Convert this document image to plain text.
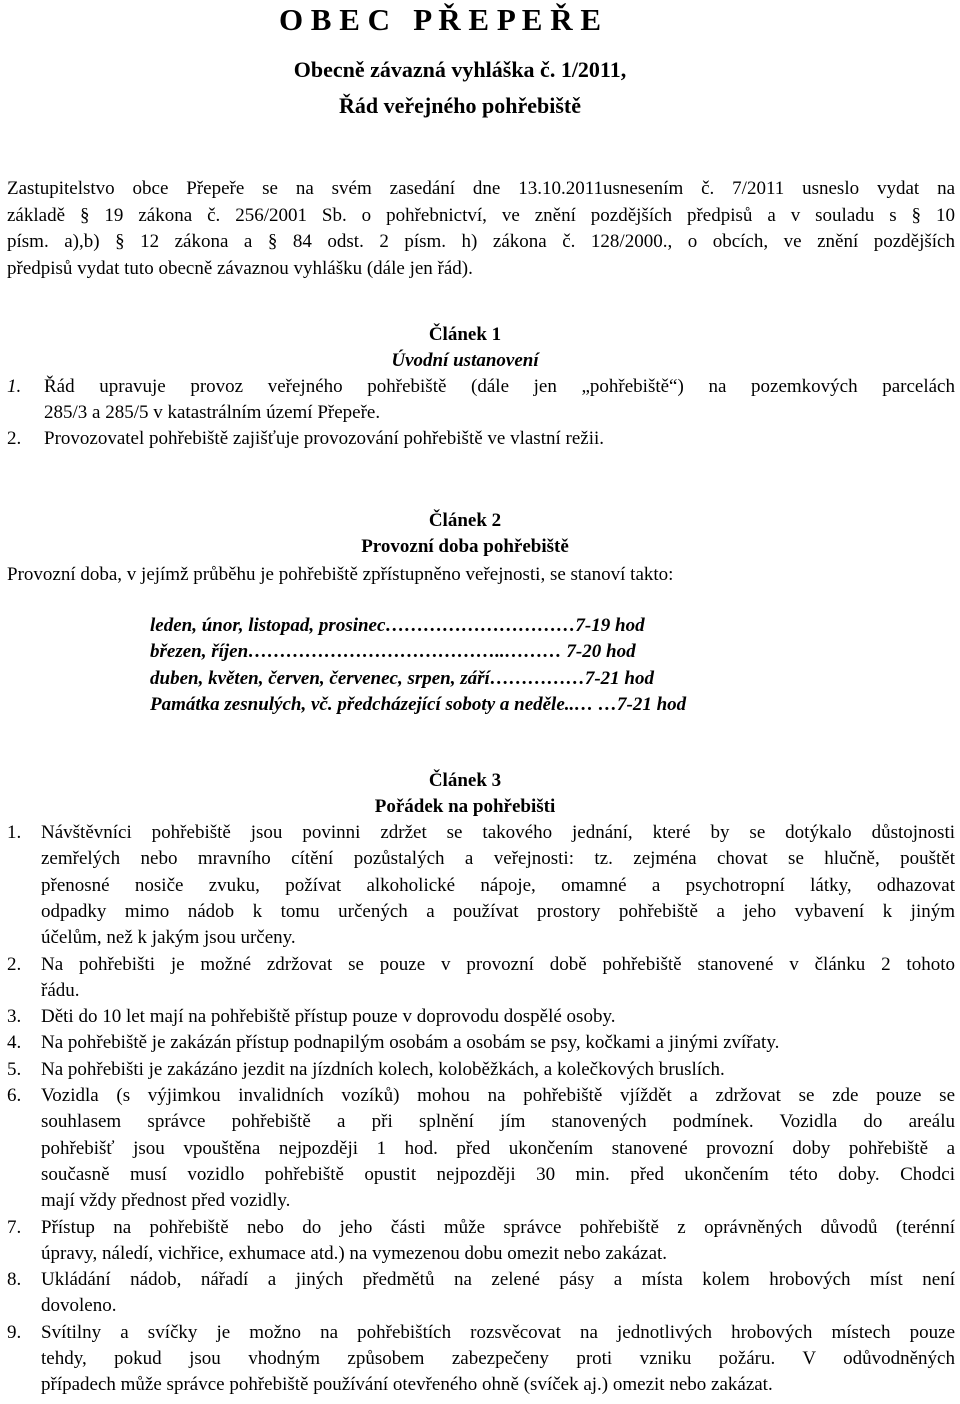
O B E C   P Ř E P E Ř E
Obecně závazná vyhláška č. 1/2011,
Řád veřejného pohřebiště
Zastupitelstvo obce Přepeře se na svém zasedání dne 13.10.2011usnesením č. 7/2011 usneslo vydat na
základě § 19 zákona č. 256/2001 Sb. o pohřebnictví, ve znění pozdějších předpisů a v souladu s § 10
písm. a),b) § 12 zákona a § 84 odst. 2 písm. h) zákona č. 128/2000., o obcích, ve znění pozdějších
předpisů vydat tuto obecně závaznou vyhlášku (dále jen řád).
Článek 1
Úvodní ustanovení
1. Řád upravuje provoz veřejného pohřebiště (dále jen „pohřebiště“) na pozemkových parcelách
285/3 a 285/5 v katastrálním území Přepeře.
2. Provozovatel pohřebiště zajišťuje provozování pohřebiště ve vlastní režii.
Článek 2
Provozní doba pohřebiště
Provozní doba, v jejímž průběhu je pohřebiště zpřístupněno veřejnosti, se stanoví takto:
leden, únor, listopad, prosinec…………………………7-19 hod
březen, říjen…………………………………..……… 7-20 hod
duben, květen, červen, červenec, srpen, září……………7-21 hod
Památka zesnulých, vč. předcházející soboty a neděle..… …7-21 hod
Článek 3
Pořádek na pohřebišti
1. Návštěvníci pohřebiště jsou povinni zdržet se takového jednání, které by se dotýkalo důstojnosti
zemřelých nebo mravního cítění pozůstalých a veřejnosti: tz. zejména chovat se hlučně, pouštět
přenosné nosiče zvuku, požívat alkoholické nápoje, omamné a psychotropní látky, odhazovat
odpadky mimo nádob k tomu určených a používat prostory pohřebiště a jeho vybavení k jiným
účelům, než k jakým jsou určeny.
2. Na pohřebišti je možné zdržovat se pouze v provozní době pohřebiště stanovené v článku 2 tohoto
řádu.
3. Děti do 10 let mají na pohřebiště přístup pouze v doprovodu dospělé osoby.
4. Na pohřebiště je zakázán přístup podnapilým osobám a osobám se psy, kočkami a jinými zvířaty.
5. Na pohřebišti je zakázáno jezdit na jízdních kolech, koloběžkách, a kolečkových bruslích.
6. Vozidla (s výjimkou invalidních vozíků) mohou na pohřebiště vjíždět a zdržovat se zde pouze se
souhlasem správce pohřebiště a při splnění jím stanovených podmínek. Vozidla do areálu
pohřebišť jsou vpouštěna nejpozději 1 hod. před ukončením stanovené provozní doby pohřebiště a
současně musí vozidlo pohřebiště opustit nejpozději 30 min. před ukončením této doby. Chodci
mají vždy přednost před vozidly.
7. Přístup na pohřebiště nebo do jeho části může správce pohřebiště z oprávněných důvodů (terénní
úpravy, náledí, vichřice, exhumace atd.) na vymezenou dobu omezit nebo zakázat.
8. Ukládání nádob, nářadí a jiných předmětů na zelené pásy a místa kolem hrobových míst není
dovoleno.
9. Svítilny a svíčky je možno na pohřebištích rozsvěcovat na jednotlivých hrobových místech pouze
tehdy, pokud jsou vhodným způsobem zabezpečeny proti vzniku požáru. V odůvodněných
případech může správce pohřebiště používání otevřeného ohně (svíček aj.) omezit nebo zakázat.
